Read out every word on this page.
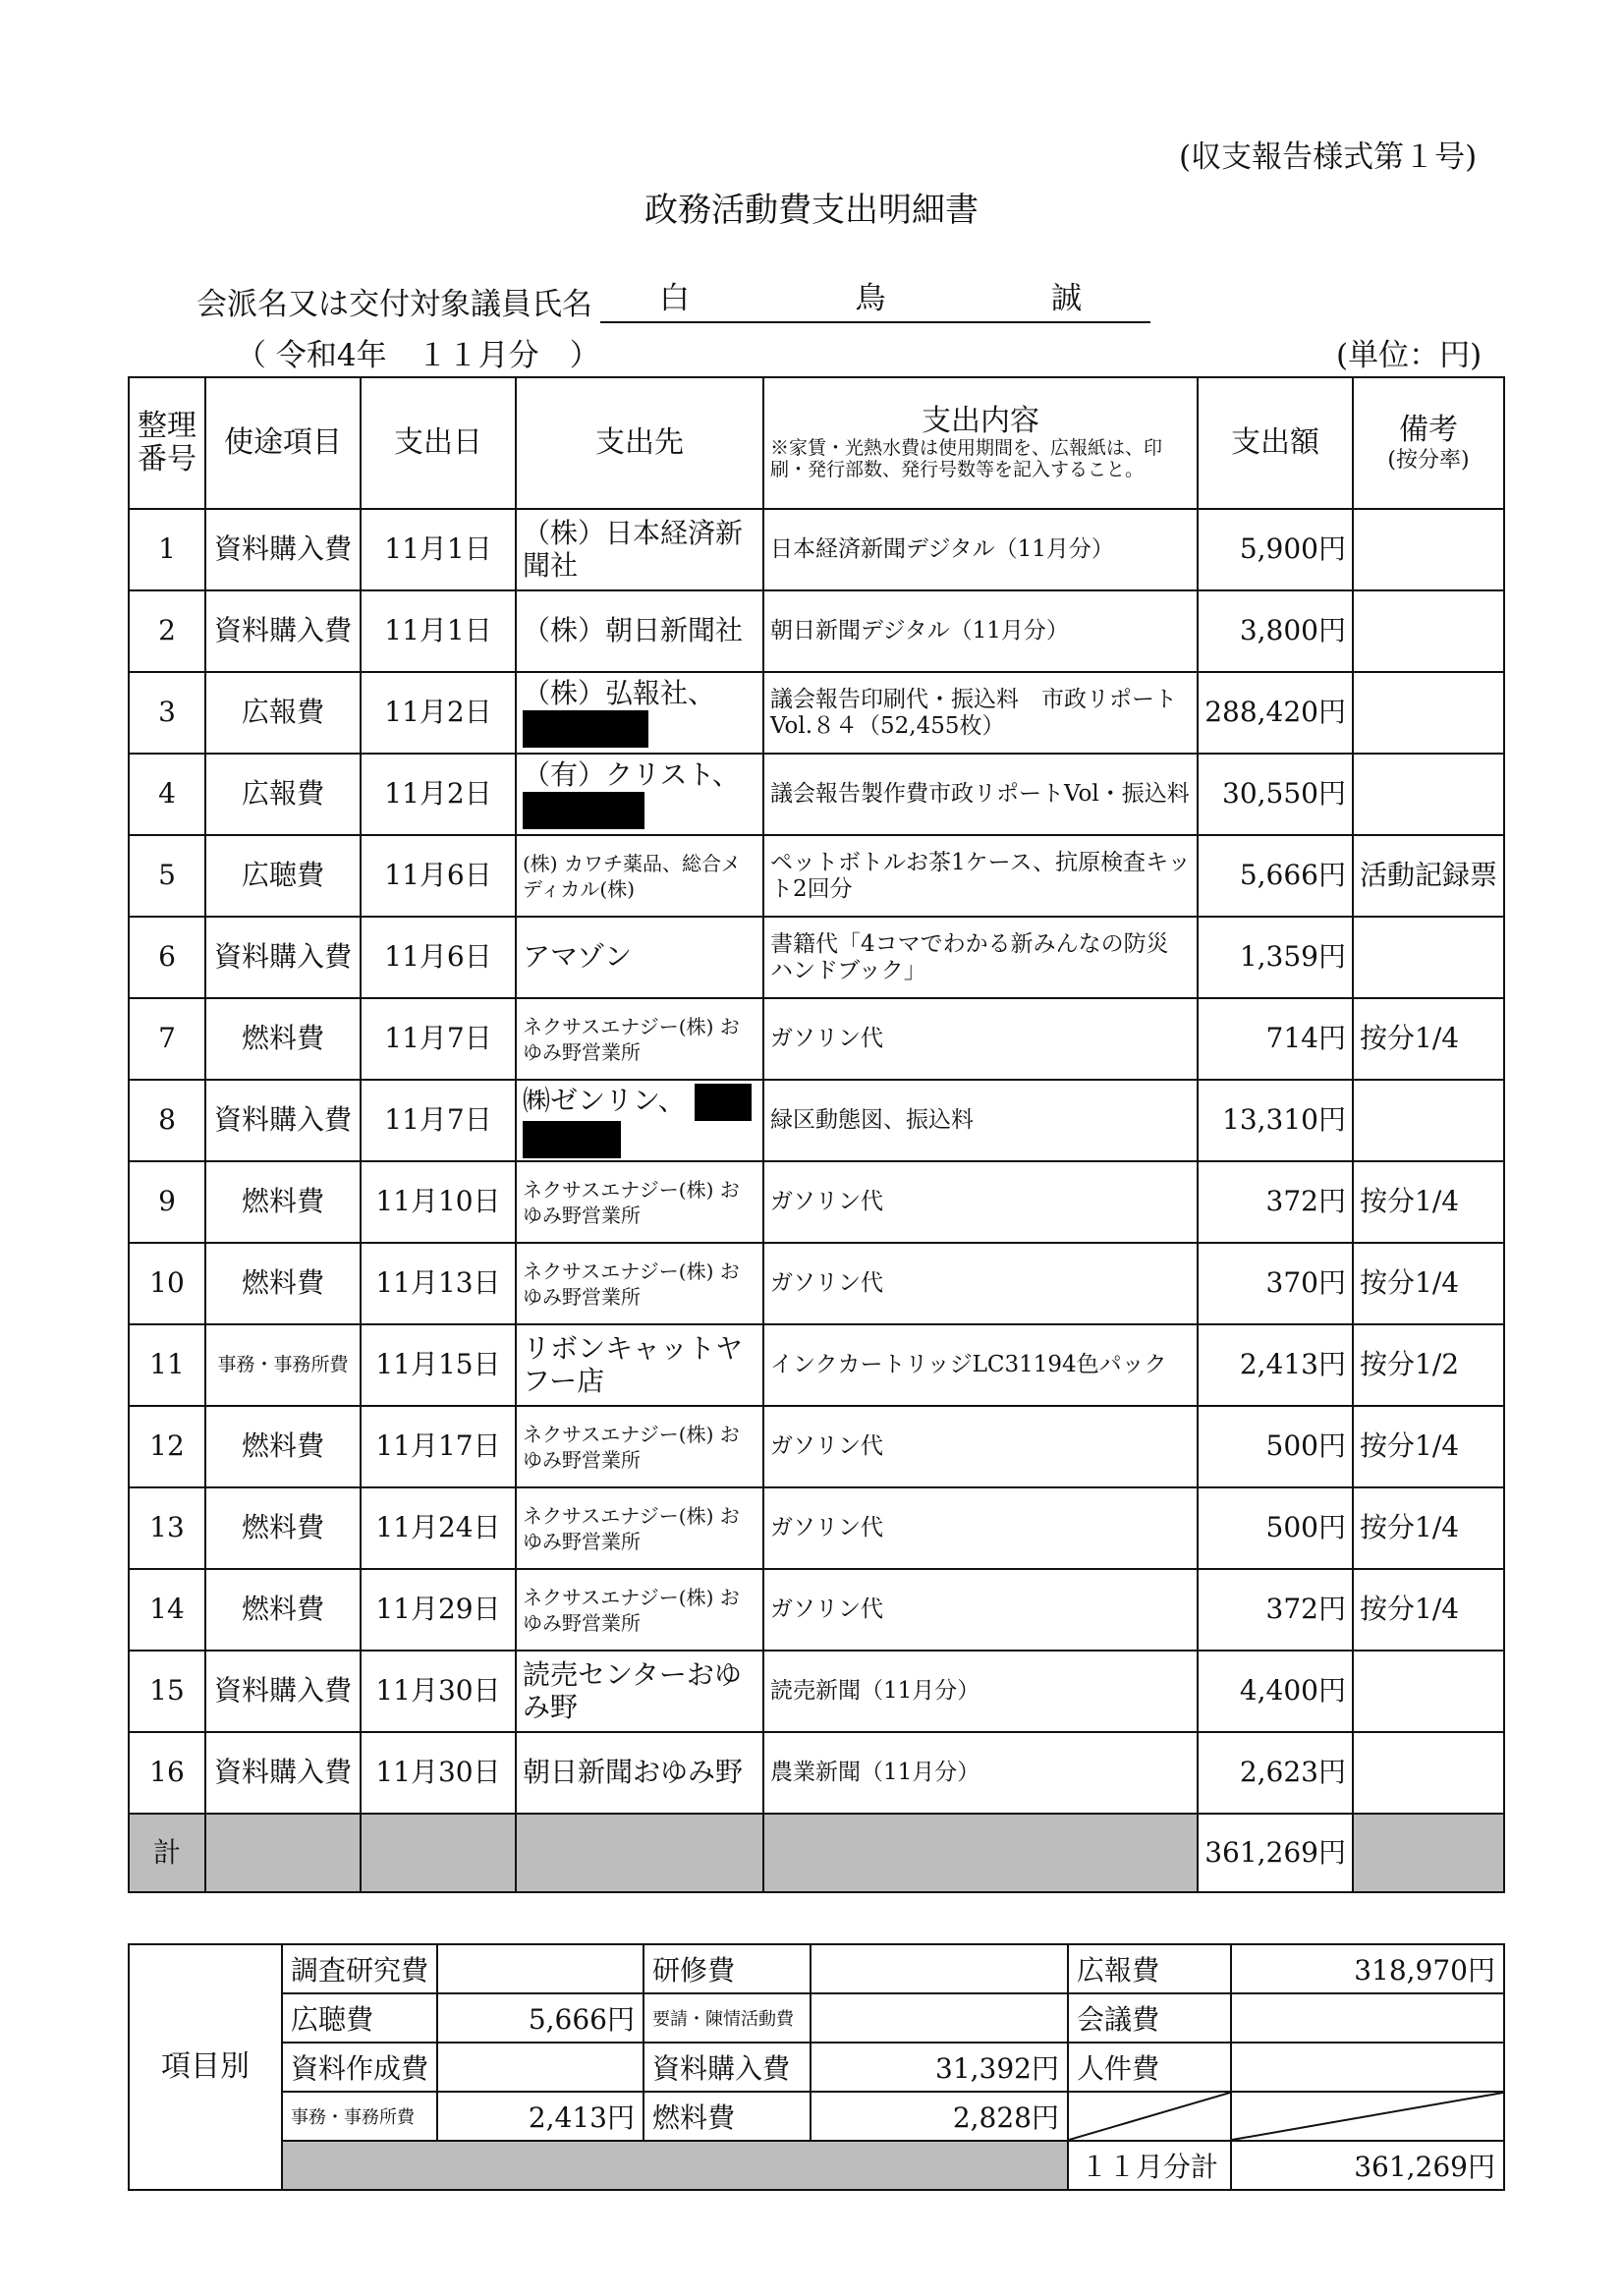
(収支報告様式第１号)
政務活動費支出明細書
会派名又は交付対象議員氏名 白	鳥	誠
（ 令和4年　１１月分　）	(単位：円)
整理番号	使途項目	支出日	支出先	支出内容
※家賃・光熱水費は使用期間を、広報紙は、印刷・発行部数、発行号数等を記入すること。	支出額	備考
(按分率)

1	資料購入費	11月1日	（株）日本経済新聞社	日本経済新聞デジタル（11月分）	5,900円	
2	資料購入費	11月1日	（株）朝日新聞社	朝日新聞デジタル（11月分）	3,800円	
3	広報費	11月2日	（株）弘報社、	議会報告印刷代・振込料　市政リポートVol.８４（52,455枚）	288,420円	
4	広報費	11月2日	（有）クリスト、	議会報告製作費市政リポートVol・振込料	30,550円	
5	広聴費	11月6日	(株) カワチ薬品、総合メディカル(株)	ペットボトルお茶1ケース、抗原検査キット2回分	5,666円	活動記録票
6	資料購入費	11月6日	アマゾン	書籍代「4コマでわかる新みんなの防災ハンドブック」	1,359円	
7	燃料費	11月7日	ネクサスエナジー(株) おゆみ野営業所	ガソリン代	714円	按分1/4
8	資料購入費	11月7日	㈱ゼンリン、	緑区動態図、振込料	13,310円	
9	燃料費	11月10日	ネクサスエナジー(株) おゆみ野営業所	ガソリン代	372円	按分1/4
10	燃料費	11月13日	ネクサスエナジー(株) おゆみ野営業所	ガソリン代	370円	按分1/4
11	事務・事務所費	11月15日	リボンキャットヤフー店	インクカートリッジLC31194色パック	2,413円	按分1/2
12	燃料費	11月17日	ネクサスエナジー(株) おゆみ野営業所	ガソリン代	500円	按分1/4
13	燃料費	11月24日	ネクサスエナジー(株) おゆみ野営業所	ガソリン代	500円	按分1/4
14	燃料費	11月29日	ネクサスエナジー(株) おゆみ野営業所	ガソリン代	372円	按分1/4
15	資料購入費	11月30日	読売センターおゆみ野	読売新聞（11月分）	4,400円	
16	資料購入費	11月30日	朝日新聞おゆみ野	農業新聞（11月分）	2,623円	
計					361,269円	
項目別	調査研究費		研修費		広報費	318,970円
	広聴費	5,666円	要請・陳情活動費		会議費	
	資料作成費		資料購入費	31,392円	人件費	
	事務・事務所費	2,413円	燃料費	2,828円	

					１１月分計	361,269円
